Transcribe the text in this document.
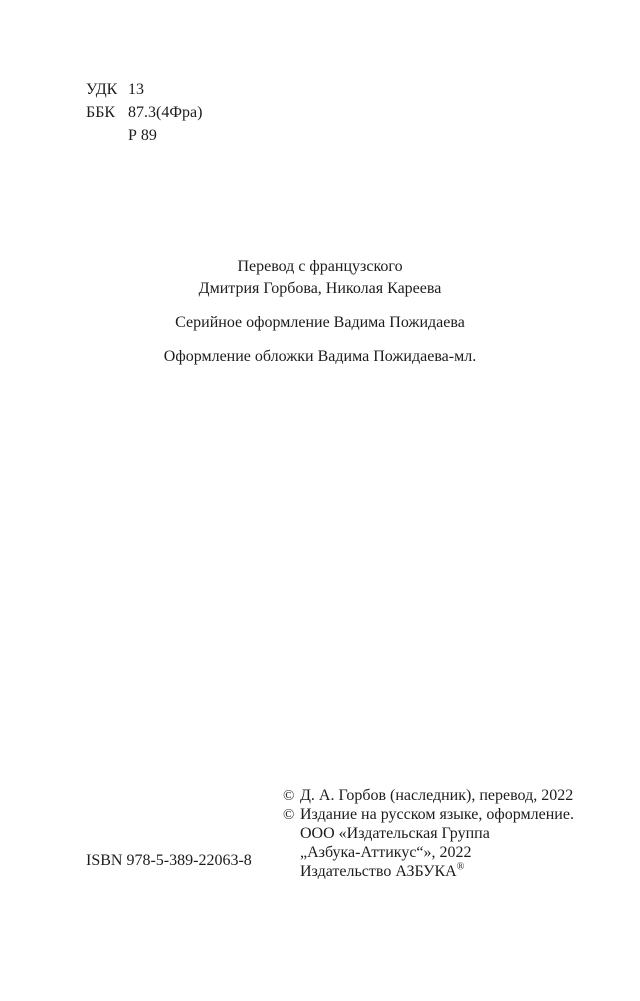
УДК 13
ББК 87.3(4Фра)
Р 89
Перевод с французского
Дмитрия Горбова, Николая Кареева
Серийное оформление Вадима Пожидаева
Оформление обложки Вадима Пожидаева-мл.
ISBN 978-5-389-22063-8
© Д. А. Горбов (наследник), перевод, 2022
© Издание на русском языке, оформление.
ООО «Издательская Группа
„Азбука-Аттикус“», 2022
Издательство АЗБУКА®
